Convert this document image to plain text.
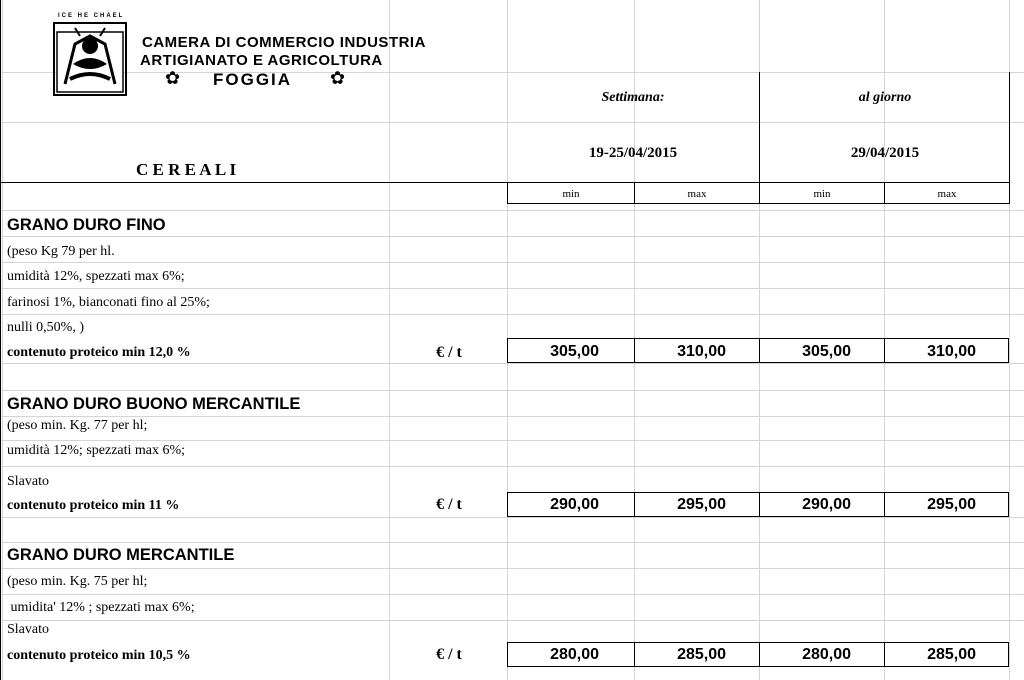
ICE HE CHAEL
CAMERA DI COMMERCIO INDUSTRIA
ARTIGIANATO E AGRICOLTURA
FOGGIA
✿	✿
C E R E A L I
Settimana:	al giorno
19-25/04/2015	29/04/2015
min	max	min	max
GRANO DURO FINO
(peso Kg 79 per hl.
umidità 12%, spezzati max 6%;
farinosi 1%, bianconati fino al 25%;
nulli 0,50%, )
contenuto proteico min 12,0 %	€ / t	305,00	310,00	305,00	310,00
GRANO DURO BUONO MERCANTILE
(peso min. Kg. 77 per hl;
umidità 12%; spezzati max 6%;
Slavato
contenuto proteico min 11 %	€ / t	290,00	295,00	290,00	295,00
GRANO DURO MERCANTILE
(peso min. Kg. 75 per hl;
umidita' 12% ; spezzati max 6%;
Slavato
contenuto proteico min 10,5 %	€ / t	280,00	285,00	280,00	285,00
